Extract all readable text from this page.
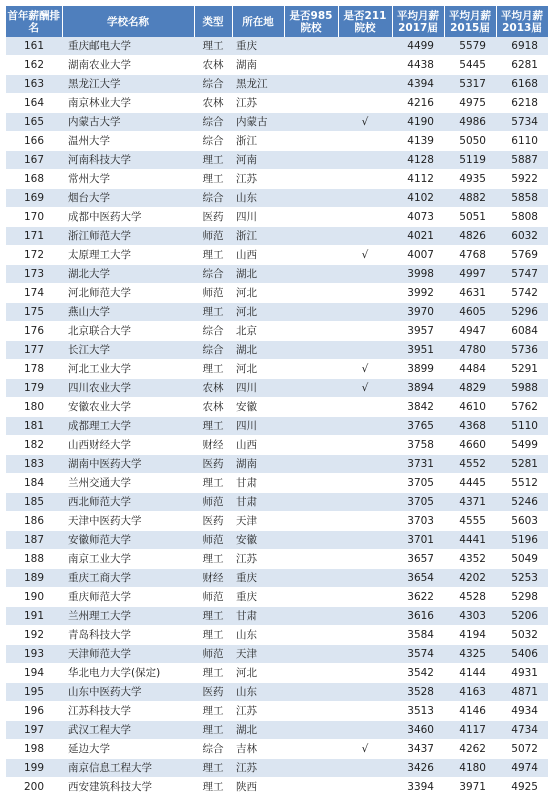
首年薪酬排名	学校名称	类型	所在地	是否985院校	是否211院校	平均月薪2017届	平均月薪2015届	平均月薪2013届
161	重庆邮电大学	理工	重庆			4499	5579	6918
162	湖南农业大学	农林	湖南			4438	5445	6281
163	黑龙江大学	综合	黑龙江			4394	5317	6168
164	南京林业大学	农林	江苏			4216	4975	6218
165	内蒙古大学	综合	内蒙古		√	4190	4986	5734
166	温州大学	综合	浙江			4139	5050	6110
167	河南科技大学	理工	河南			4128	5119	5887
168	常州大学	理工	江苏			4112	4935	5922
169	烟台大学	综合	山东			4102	4882	5858
170	成都中医药大学	医药	四川			4073	5051	5808
171	浙江师范大学	师范	浙江			4021	4826	6032
172	太原理工大学	理工	山西		√	4007	4768	5769
173	湖北大学	综合	湖北			3998	4997	5747
174	河北师范大学	师范	河北			3992	4631	5742
175	燕山大学	理工	河北			3970	4605	5296
176	北京联合大学	综合	北京			3957	4947	6084
177	长江大学	综合	湖北			3951	4780	5736
178	河北工业大学	理工	河北		√	3899	4484	5291
179	四川农业大学	农林	四川		√	3894	4829	5988
180	安徽农业大学	农林	安徽			3842	4610	5762
181	成都理工大学	理工	四川			3765	4368	5110
182	山西财经大学	财经	山西			3758	4660	5499
183	湖南中医药大学	医药	湖南			3731	4552	5281
184	兰州交通大学	理工	甘肃			3705	4445	5512
185	西北师范大学	师范	甘肃			3705	4371	5246
186	天津中医药大学	医药	天津			3703	4555	5603
187	安徽师范大学	师范	安徽			3701	4441	5196
188	南京工业大学	理工	江苏			3657	4352	5049
189	重庆工商大学	财经	重庆			3654	4202	5253
190	重庆师范大学	师范	重庆			3622	4528	5298
191	兰州理工大学	理工	甘肃			3616	4303	5206
192	青岛科技大学	理工	山东			3584	4194	5032
193	天津师范大学	师范	天津			3574	4325	5406
194	华北电力大学(保定)	理工	河北			3542	4144	4931
195	山东中医药大学	医药	山东			3528	4163	4871
196	江苏科技大学	理工	江苏			3513	4146	4934
197	武汉工程大学	理工	湖北			3460	4117	4734
198	延边大学	综合	吉林		√	3437	4262	5072
199	南京信息工程大学	理工	江苏			3426	4180	4974
200	西安建筑科技大学	理工	陕西			3394	3971	4925
